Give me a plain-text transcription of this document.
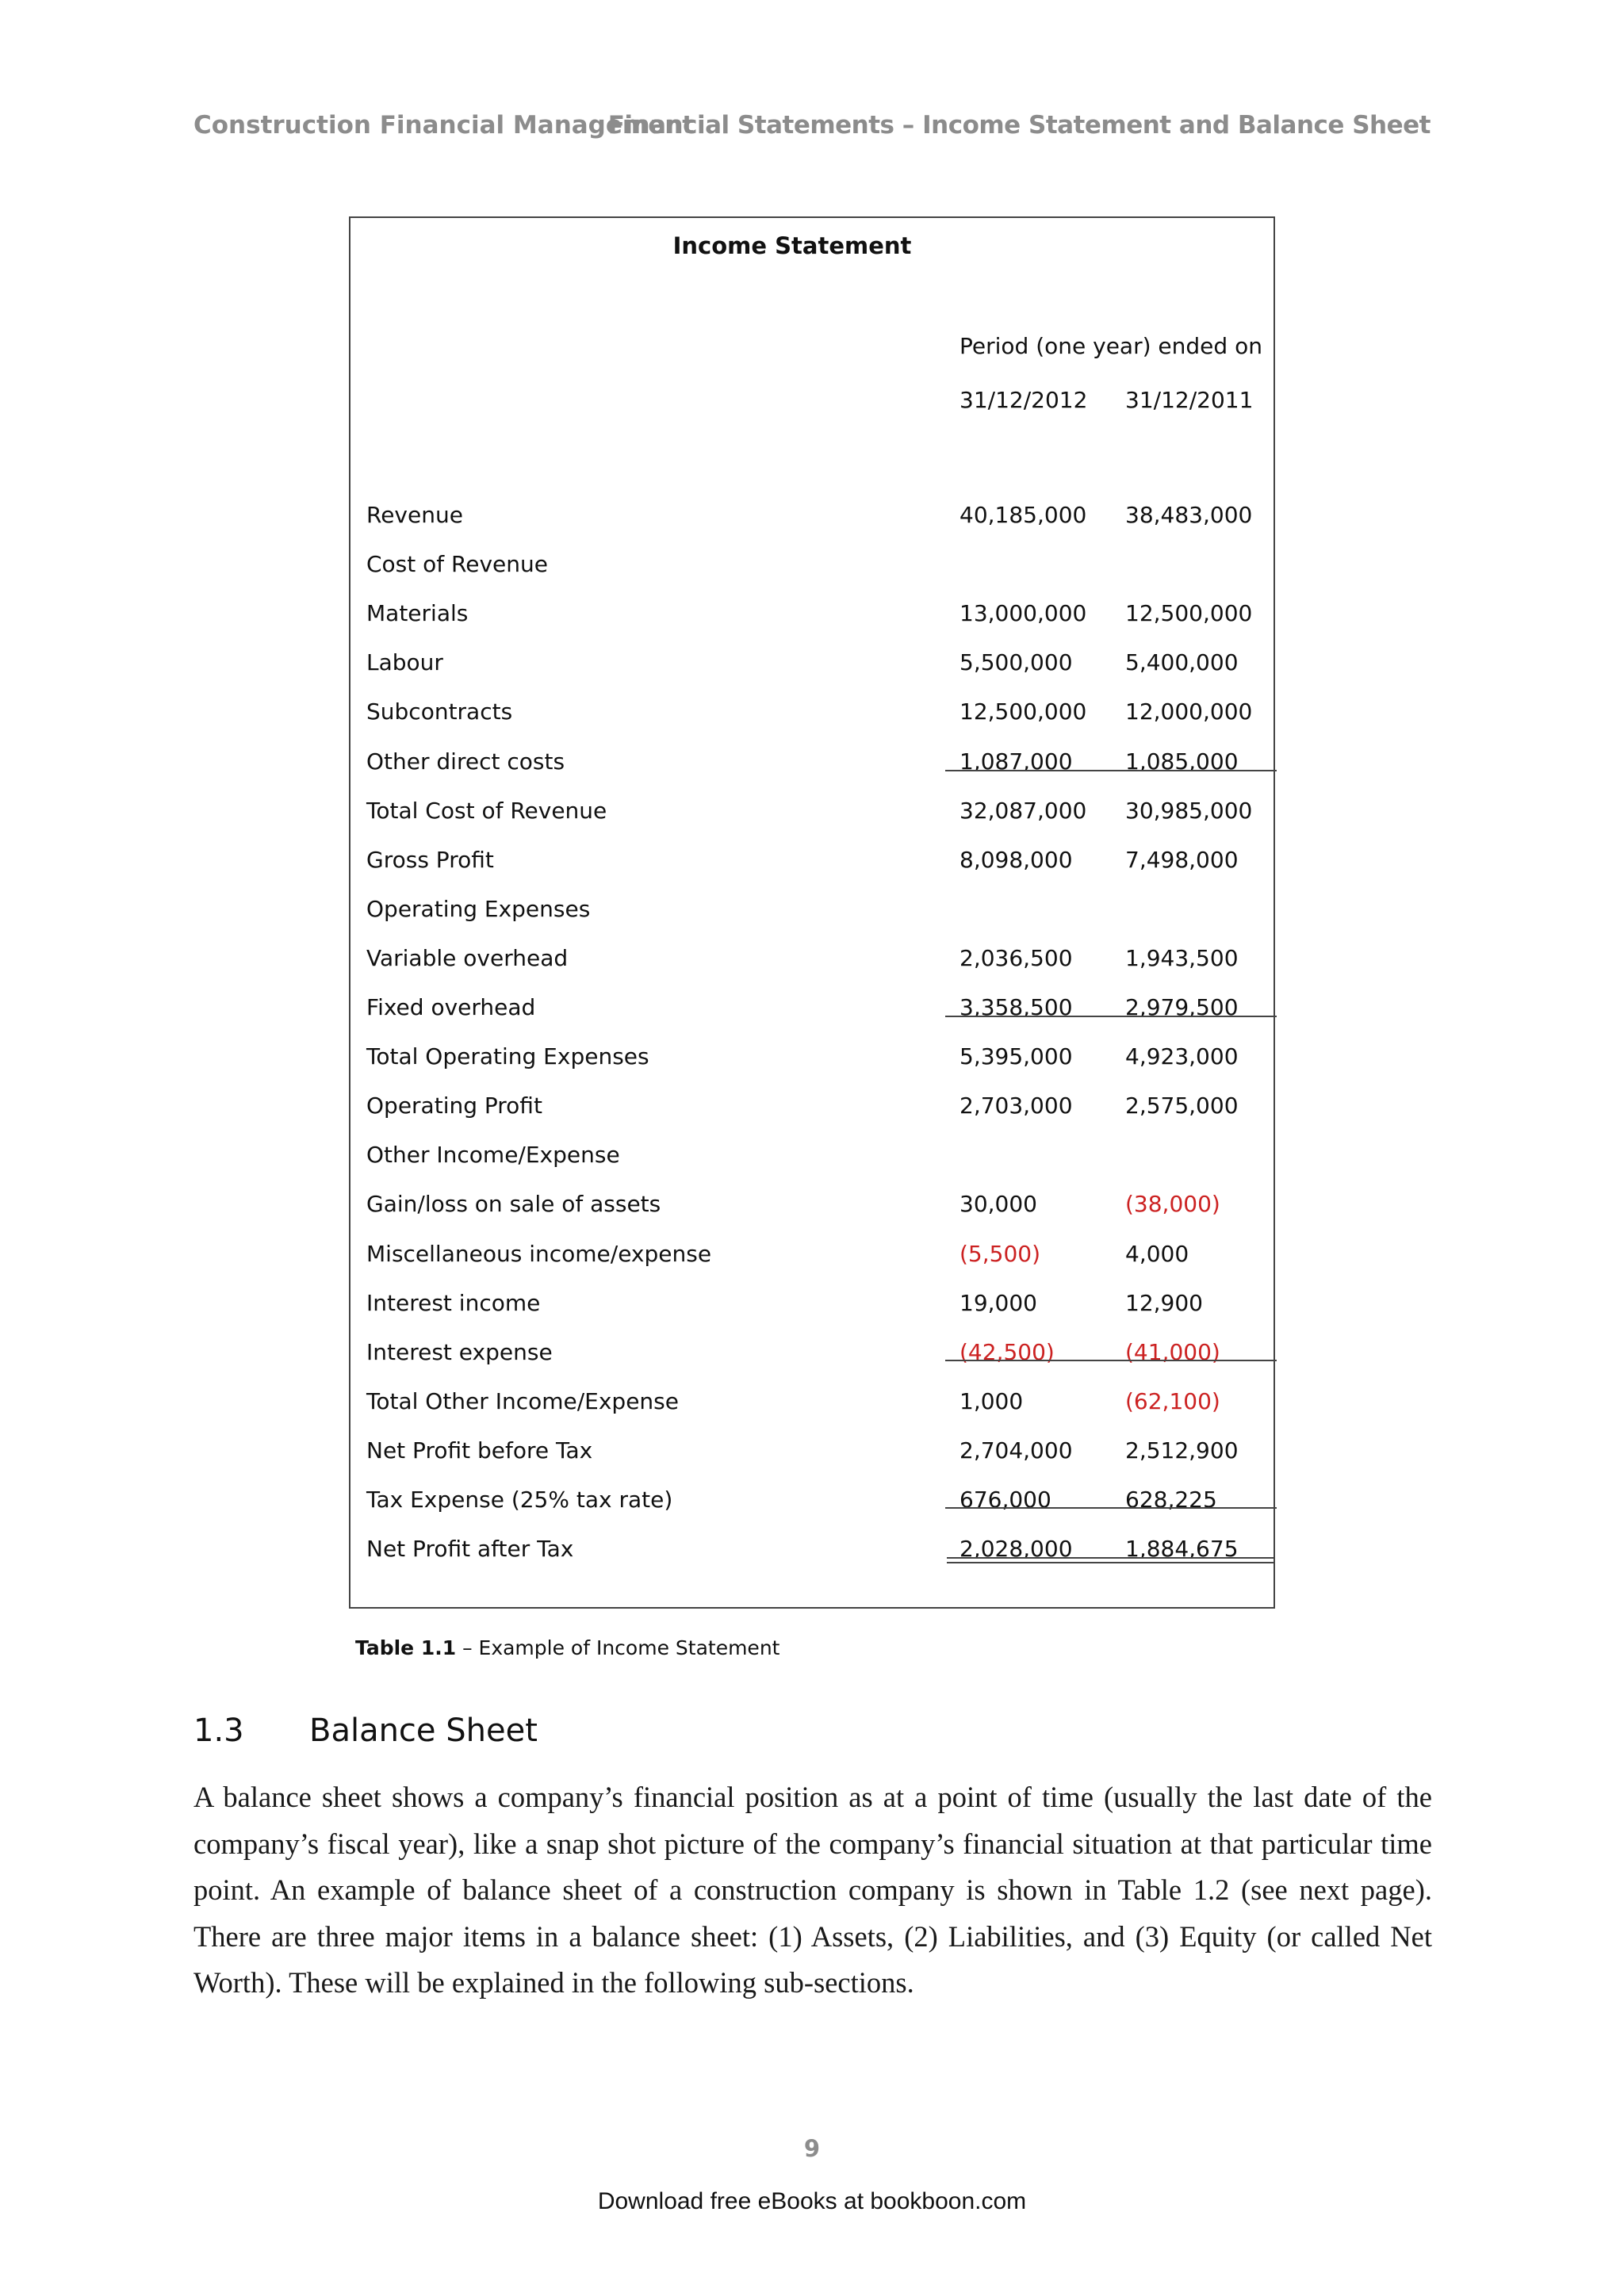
Construction Financial Management
Financial Statements – Income Statement and Balance Sheet
Income Statement
Period (one year) ended on
31/12/2012 31/12/2011
Revenue	40,185,000 38,483,000
Cost of Revenue
Materials	13,000,000 12,500,000
Labour	5,500,000 5,400,000
Subcontracts	12,500,000 12,000,000
Other direct costs	1,087,000 1,085,000
Total Cost of Revenue	32,087,000 30,985,000
Gross Profit	8,098,000 7,498,000
Operating Expenses
Variable overhead	2,036,500 1,943,500
Fixed overhead	3,358,500 2,979,500
Total Operating Expenses	5,395,000 4,923,000
Operating Profit	2,703,000 2,575,000
Other Income/Expense
Gain/loss on sale of assets	30,000	(38,000)
Miscellaneous income/expense	(5,500)	4,000
Interest income	19,000	12,900
Interest expense	(42,500)	(41,000)
Total Other Income/Expense	1,000	(62,100)
Net Profit before Tax	2,704,000 2,512,900
Tax Expense (25% tax rate)	676,000	628,225
Net Profit after Tax	2,028,000 1,884,675
Table 1.1 – Example of Income Statement
1.3 Balance Sheet
A balance sheet shows a company’s financial position as at a point of time (usually the last date of the company’s fiscal year), like a snap shot picture of the company’s financial situation at that particular time point. An example of balance sheet of a construction company is shown in Table 1.2 (see next page). There are three major items in a balance sheet: (1) Assets, (2) Liabilities, and (3) Equity (or called Net Worth). These will be explained in the following sub-sections.
9
Download free eBooks at bookboon.com
